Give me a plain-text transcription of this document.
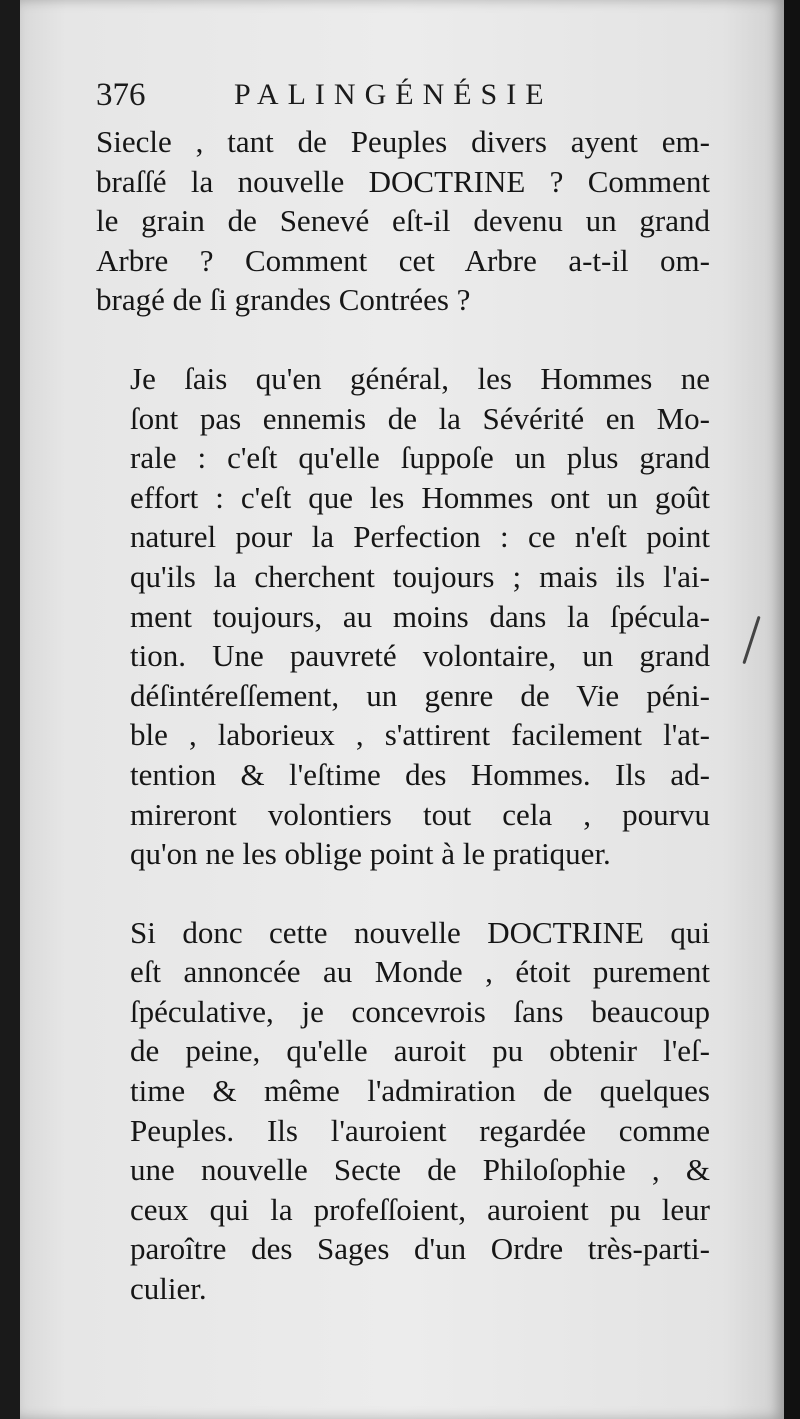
376	PALINGÉNÉSIE

Siecle , tant de Peuples divers ayent em-
braſſé la nouvelle DOCTRINE ? Comment
le grain de Senevé eſt-il devenu un grand
Arbre ? Comment cet Arbre a-t-il om-
bragé de ſi grandes Contrées ?

Je ſais qu'en général, les Hommes ne
ſont pas ennemis de la Sévérité en Mo-
rale : c'eſt qu'elle ſuppoſe un plus grand
effort : c'eſt que les Hommes ont un goût
naturel pour la Perfection : ce n'eſt point
qu'ils la cherchent toujours ; mais ils l'ai-
ment toujours, au moins dans la ſpécula-
tion. Une pauvreté volontaire, un grand
déſintéreſſement, un genre de Vie péni-
ble , laborieux , s'attirent facilement l'at-
tention & l'eſtime des Hommes. Ils ad-
mireront volontiers tout cela , pourvu
qu'on ne les oblige point à le pratiquer.

Si donc cette nouvelle DOCTRINE qui
eſt annoncée au Monde , étoit purement
ſpéculative, je concevrois ſans beaucoup
de peine, qu'elle auroit pu obtenir l'eſ-
time & même l'admiration de quelques
Peuples. Ils l'auroient regardée comme
une nouvelle Secte de Philoſophie , &
ceux qui la profeſſoient, auroient pu leur
paroître des Sages d'un Ordre très-parti-
culier.
